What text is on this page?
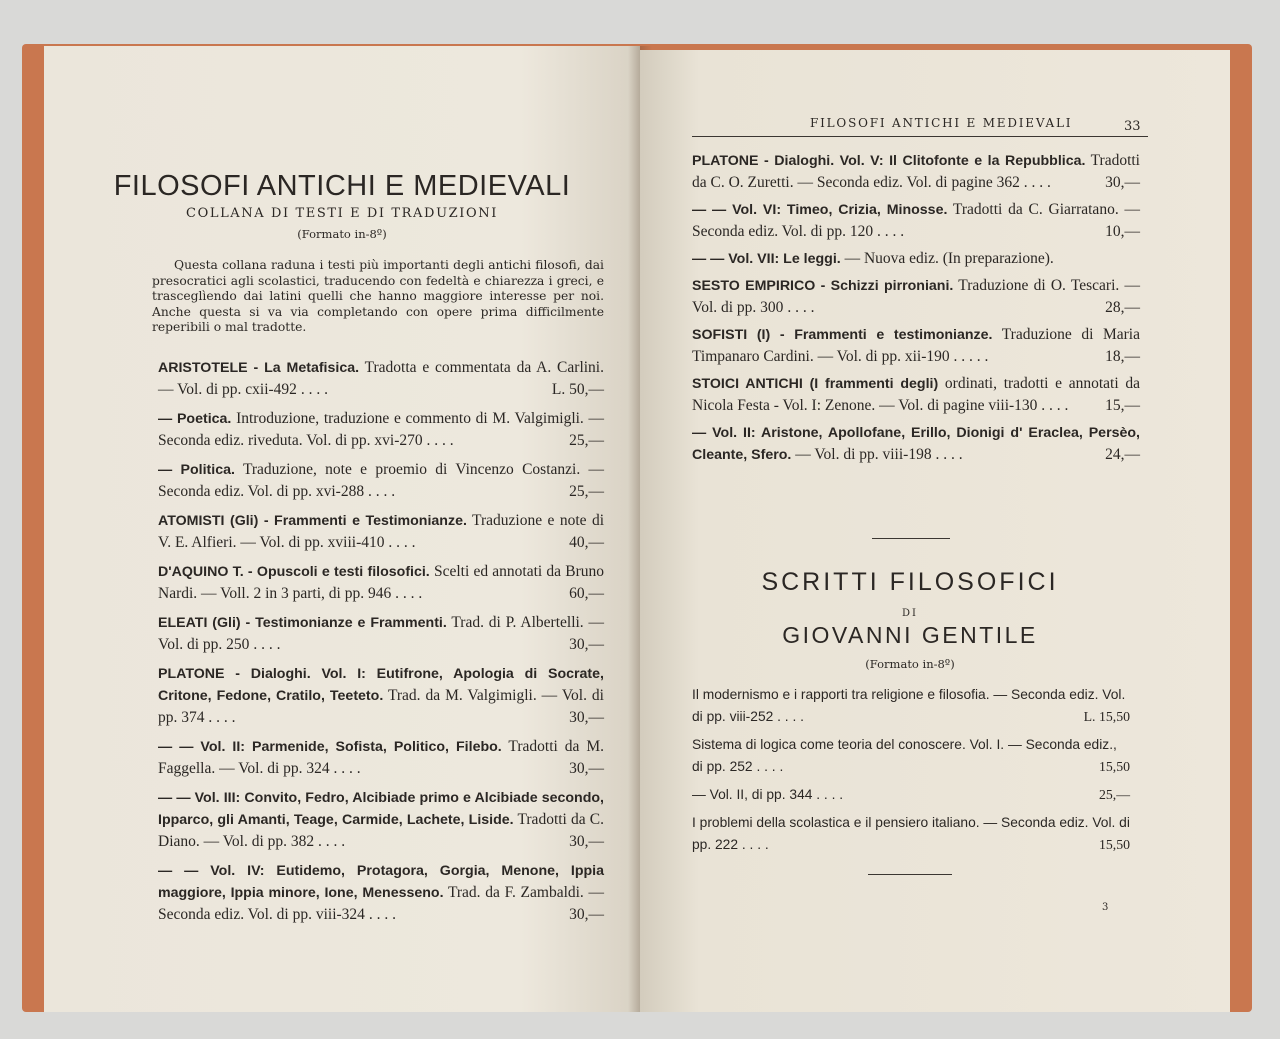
FILOSOFI ANTICHI E MEDIEVALI
COLLANA DI TESTI E DI TRADUZIONI
(Formato in-8º)
Questa collana raduna i testi più importanti degli antichi filosofi, dai presocratici agli scolastici, traducendo con fedeltà e chiarezza i greci, e trasceglìendo dai latini quelli che hanno maggiore interesse per noi. Anche questa si va via completando con opere prima difficilmente reperibili o mal tradotte.
ARISTOTELE - La Metafisica. Tradotta e commentata da A. Carlini. — Vol. di pp. cxii-492 . . . .	L. 50,—
— Poetica. Introduzione, traduzione e commento di M. Valgimigli. — Seconda ediz. riveduta. Vol. di pp. xvi-270 . . . .	25,—
— Politica. Traduzione, note e proemio di Vincenzo Costanzi. — Seconda ediz. Vol. di pp. xvi-288 . . . .	25,—
ATOMISTI (Gli) - Frammenti e Testimonianze. Traduzione e note di V. E. Alfieri. — Vol. di pp. xviii-410 . . . .	40,—
D'AQUINO T. - Opuscoli e testi filosofici. Scelti ed annotati da Bruno Nardi. — Voll. 2 in 3 parti, di pp. 946 . . . .	60,—
ELEATI (Gli) - Testimonianze e Frammenti. Trad. di P. Albertelli. — Vol. di pp. 250 . . . .	30,—
PLATONE - Dialoghi. Vol. I: Eutifrone, Apologia di Socrate, Critone, Fedone, Cratilo, Teeteto. Trad. da M. Valgimigli. — Vol. di pp. 374 . . . .	30,—
— — Vol. II: Parmenide, Sofista, Politico, Filebo. Tradotti da M. Faggella. — Vol. di pp. 324 . . . .	30,—
— — Vol. III: Convito, Fedro, Alcibiade primo e Alcibiade secondo, Ipparco, gli Amanti, Teage, Carmide, Lachete, Liside. Tradotti da C. Diano. — Vol. di pp. 382 . . . .	30,—
— — Vol. IV: Eutidemo, Protagora, Gorgia, Menone, Ippia maggiore, Ippia minore, Ione, Menesseno. Trad. da F. Zambaldi. — Seconda ediz. Vol. di pp. viii-324 . . . .	30,—
FILOSOFI ANTICHI E MEDIEVALI	33
PLATONE - Dialoghi. Vol. V: Il Clitofonte e la Repubblica. Tradotti da C. O. Zuretti. — Seconda ediz. Vol. di pagine 362 . . . .	30,—
— — Vol. VI: Timeo, Crizia, Minosse. Tradotti da C. Giarratano. — Seconda ediz. Vol. di pp. 120 . . . .	10,—
— — Vol. VII: Le leggi. — Nuova ediz. (In preparazione).
SESTO EMPIRICO - Schizzi pirroniani. Traduzione di O. Tescari. — Vol. di pp. 300 . . . .	28,—
SOFISTI (I) - Frammenti e testimonianze. Traduzione di Maria Timpanaro Cardini. — Vol. di pp. xii-190 . . . . .	18,—
STOICI ANTICHI (I frammenti degli) ordinati, tradotti e annotati da Nicola Festa - Vol. I: Zenone. — Vol. di pagine viii-130 . . . . 15,—
— Vol. II: Aristone, Apollofane, Erillo, Dionigi d' Eraclea, Persèo, Cleante, Sfero. — Vol. di pp. viii-198 . . . .	24,—
SCRITTI FILOSOFICI
DI
GIOVANNI GENTILE
(Formato in-8º)
Il modernismo e i rapporti tra religione e filosofia. — Seconda ediz. Vol. di pp. viii-252 . . . .	L. 15,50
Sistema di logica come teoria del conoscere. Vol. I. — Seconda ediz., di pp. 252 . . . .	15,50
— Vol. II, di pp. 344 . . . .	25,—
I problemi della scolastica e il pensiero italiano. — Seconda ediz. Vol. di pp. 222 . . . .	15,50
3
